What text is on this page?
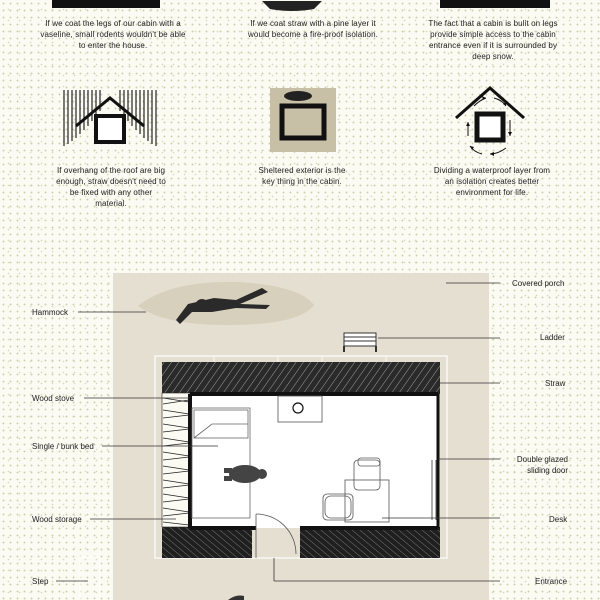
If we coat the legs of our cabin with a vaseline, small rodents wouldn't be able to enter the house.
If we coat straw with a pine layer it would become a fire-proof isolation.
The fact that a cabin is bulit on legs provide simple access to the cabin entrance even if it is surrounded by deep snow.
If overhang of the roof are big enough, straw doesn't need to be fixed with any other material.
Sheltered exterior is the key thing in the cabin.
Dividing a waterproof layer from an isolation creates better environment for life.
Covered porch
Hammock
Ladder
Straw
Wood stove
Single / bunk bed
Double glazed sliding door
Wood storage	Desk
Step	Entrance
